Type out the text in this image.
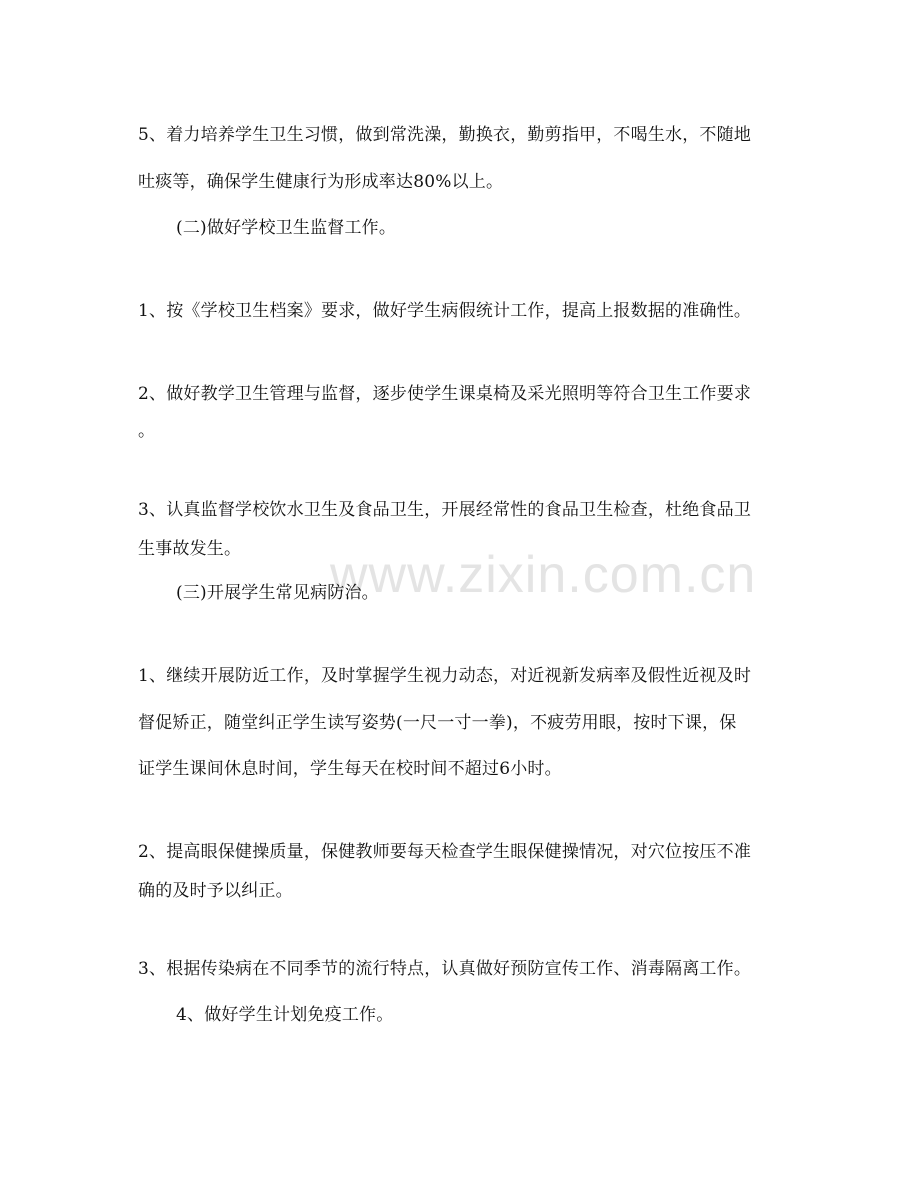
www.zixin.com.cn
5、着力培养学生卫生习惯，做到常洗澡，勤换衣，勤剪指甲，不喝生水，不随地
吐痰等，确保学生健康行为形成率达80%以上。
(二)做好学校卫生监督工作。
1、按《学校卫生档案》要求，做好学生病假统计工作，提高上报数据的准确性。
2、做好教学卫生管理与监督，逐步使学生课桌椅及采光照明等符合卫生工作要求
。
3、认真监督学校饮水卫生及食品卫生，开展经常性的食品卫生检查，杜绝食品卫
生事故发生。
(三)开展学生常见病防治。
1、继续开展防近工作，及时掌握学生视力动态，对近视新发病率及假性近视及时
督促矫正，随堂纠正学生读写姿势(一尺一寸一拳)，不疲劳用眼，按时下课，保
证学生课间休息时间，学生每天在校时间不超过6小时。
2、提高眼保健操质量，保健教师要每天检查学生眼保健操情况，对穴位按压不准
确的及时予以纠正。
3、根据传染病在不同季节的流行特点，认真做好预防宣传工作、消毒隔离工作。
4、做好学生计划免疫工作。
